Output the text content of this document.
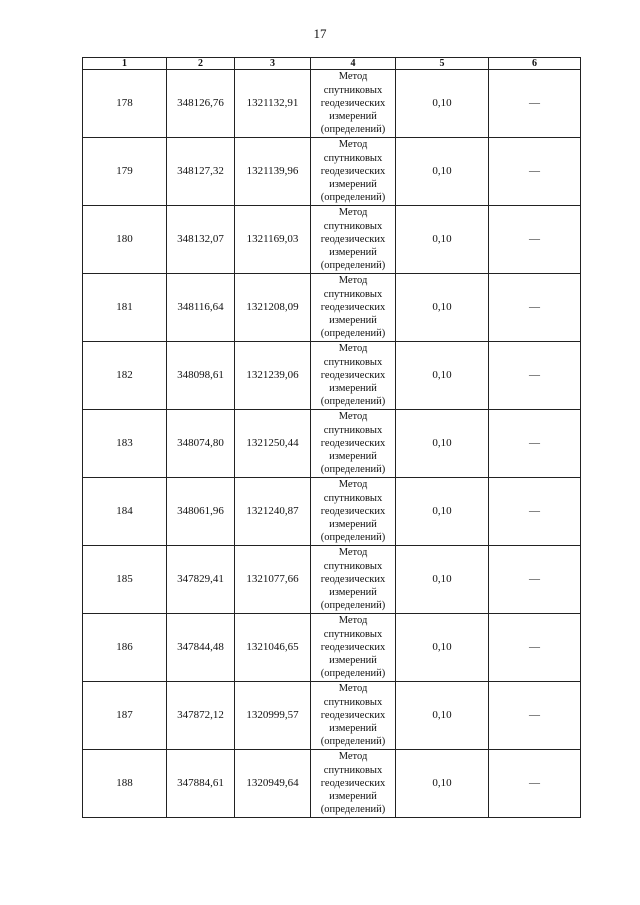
17
1	2	3	4	5	6
178	348126,76	1321132,91	Метод
спутниковых
геодезических
измерений
(определений)	0,10	—
179	348127,32	1321139,96	Метод
спутниковых
геодезических
измерений
(определений)	0,10	—
180	348132,07	1321169,03	Метод
спутниковых
геодезических
измерений
(определений)	0,10	—
181	348116,64	1321208,09	Метод
спутниковых
геодезических
измерений
(определений)	0,10	—
182	348098,61	1321239,06	Метод
спутниковых
геодезических
измерений
(определений)	0,10	—
183	348074,80	1321250,44	Метод
спутниковых
геодезических
измерений
(определений)	0,10	—
184	348061,96	1321240,87	Метод
спутниковых
геодезических
измерений
(определений)	0,10	—
185	347829,41	1321077,66	Метод
спутниковых
геодезических
измерений
(определений)	0,10	—
186	347844,48	1321046,65	Метод
спутниковых
геодезических
измерений
(определений)	0,10	—
187	347872,12	1320999,57	Метод
спутниковых
геодезических
измерений
(определений)	0,10	—
188	347884,61	1320949,64	Метод
спутниковых
геодезических
измерений
(определений)	0,10	—
